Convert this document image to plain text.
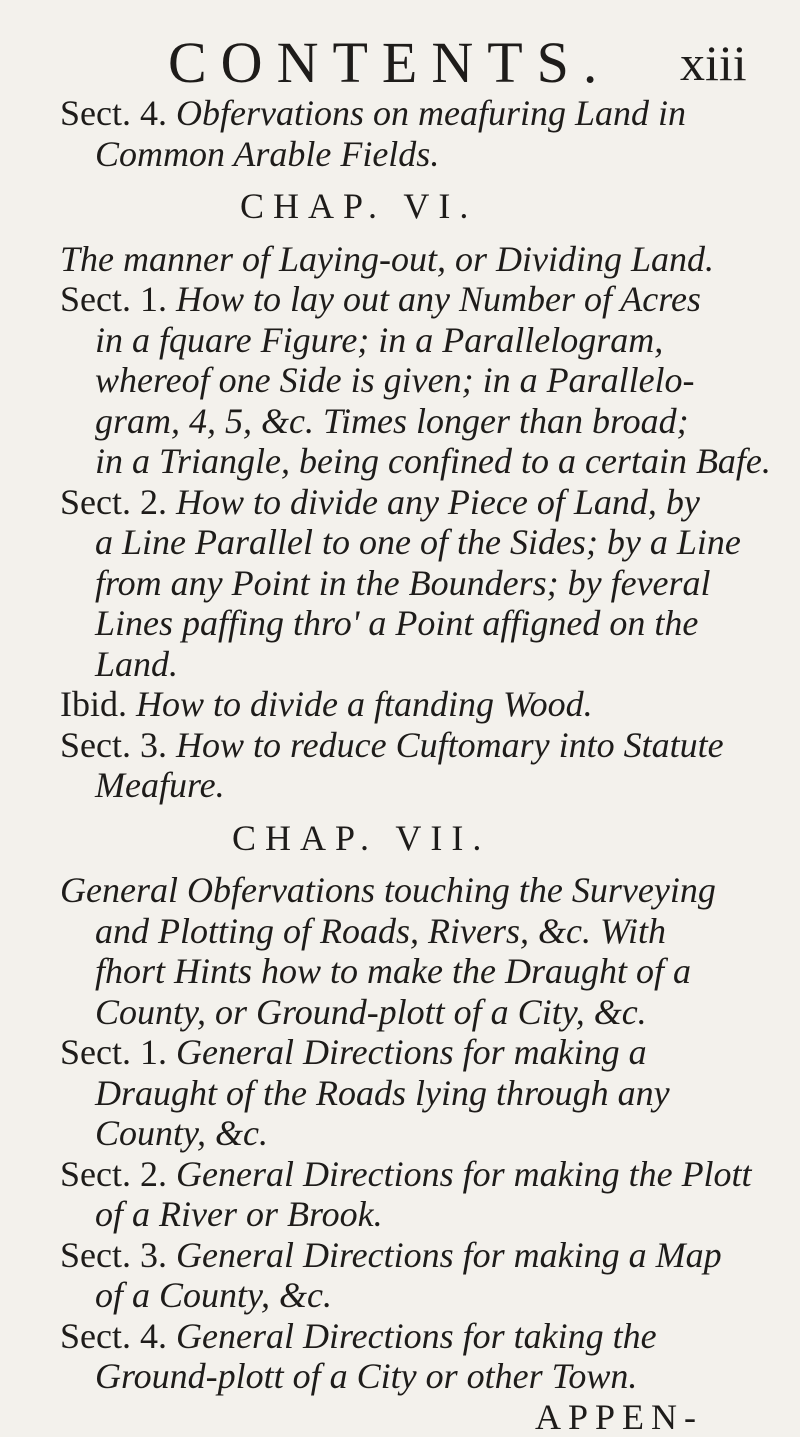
CONTENTS. xiii
Sect. 4. Obfervations on meafuring Land in
Common Arable Fields.
CHAP. VI.
The manner of Laying-out, or Dividing Land.
Sect. 1. How to lay out any Number of Acres
in a fquare Figure; in a Parallelogram,
whereof one Side is given; in a Parallelo-
gram, 4, 5, &c. Times longer than broad;
in a Triangle, being confined to a certain Bafe.
Sect. 2. How to divide any Piece of Land, by
a Line Parallel to one of the Sides; by a Line
from any Point in the Bounders; by feveral
Lines paffing thro' a Point affigned on the
Land.
Ibid. How to divide a ftanding Wood.
Sect. 3. How to reduce Cuftomary into Statute
Meafure.
CHAP. VII.
General Obfervations touching the Surveying
and Plotting of Roads, Rivers, &c. With
fhort Hints how to make the Draught of a
County, or Ground-plott of a City, &c.
Sect. 1. General Directions for making a
Draught of the Roads lying through any
County, &c.
Sect. 2. General Directions for making the Plott
of a River or Brook.
Sect. 3. General Directions for making a Map
of a County, &c.
Sect. 4. General Directions for taking the
Ground-plott of a City or other Town.
APPEN-
